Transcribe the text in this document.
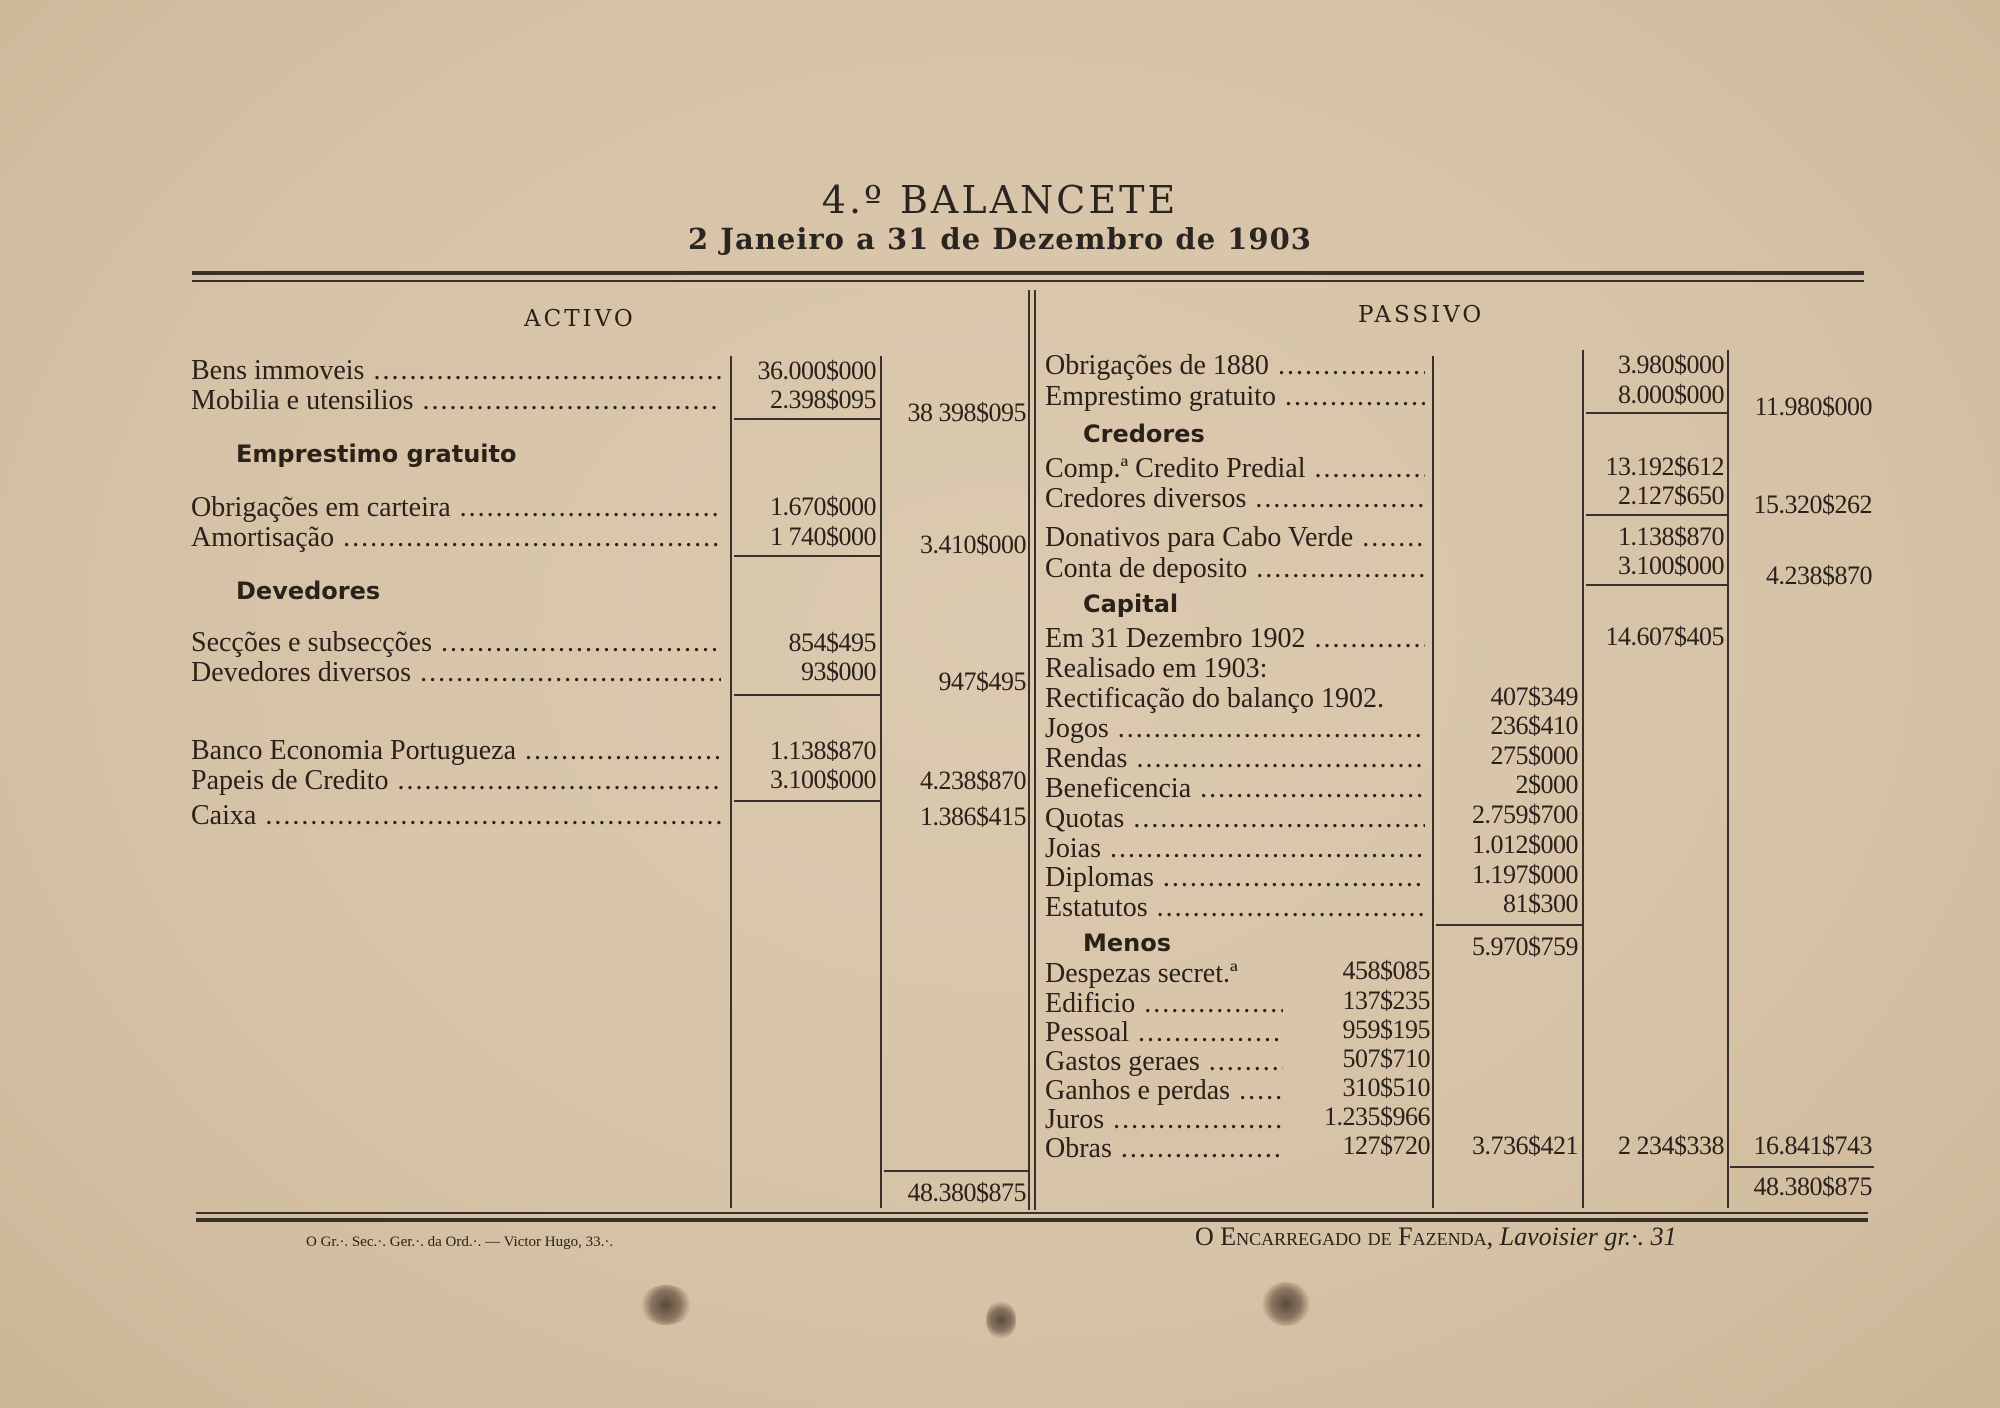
4.º BALANCETE
2 Janeiro a 31 de Dezembro de 1903
ACTIVO
Bens immoveis .....	36.000$000
Mobilia e utensilios .....	2.398$095	38 398$095
Emprestimo gratuito
Obrigações em carteira .....	1.670$000
Amortisação .....	1 740$000	3.410$000
Devedores
Secções e subsecções .....	854$495
Devedores diversos .....	93$000	947$495
Banco Economia Portugueza .....	1.138$870
Papeis de Credito .....	3.100$000	4.238$870
Caixa .....	1.386$415
48.380$875
PASSIVO
Obrigações de 1880 .....	3.980$000
Emprestimo gratuito .....	8.000$000	11.980$000
Credores
Comp.ª Credito Predial .....	13.192$612
Credores diversos .....	2.127$650	15.320$262
Donativos para Cabo Verde .....	1.138$870
Conta de deposito .....	3.100$000	4.238$870
Capital
Em 31 Dezembro 1902 .....	14.607$405
Realisado em 1903:
Rectificação do balanço 1902.	407$349
Jogos .....	236$410
Rendas .....	275$000
Beneficencia .....	2$000
Quotas .....	2.759$700
Joias .....	1.012$000
Diplomas .....	1.197$000
Estatutos .....	81$300
5.970$759
Menos
Despezas secret.ª	458$085
Edificio .....	137$235
Pessoal .....	959$195
Gastos geraes .....	507$710
Ganhos e perdas .....	310$510
Juros .....	1.235$966
Obras .....	127$720	3.736$421	2 234$338	16.841$743
48.380$875
O Gr.·. Sec.·. Ger.·. da Ord.·. — Victor Hugo, 33.·.	O Encarregado de Fazenda, Lavoisier gr.·. 31
